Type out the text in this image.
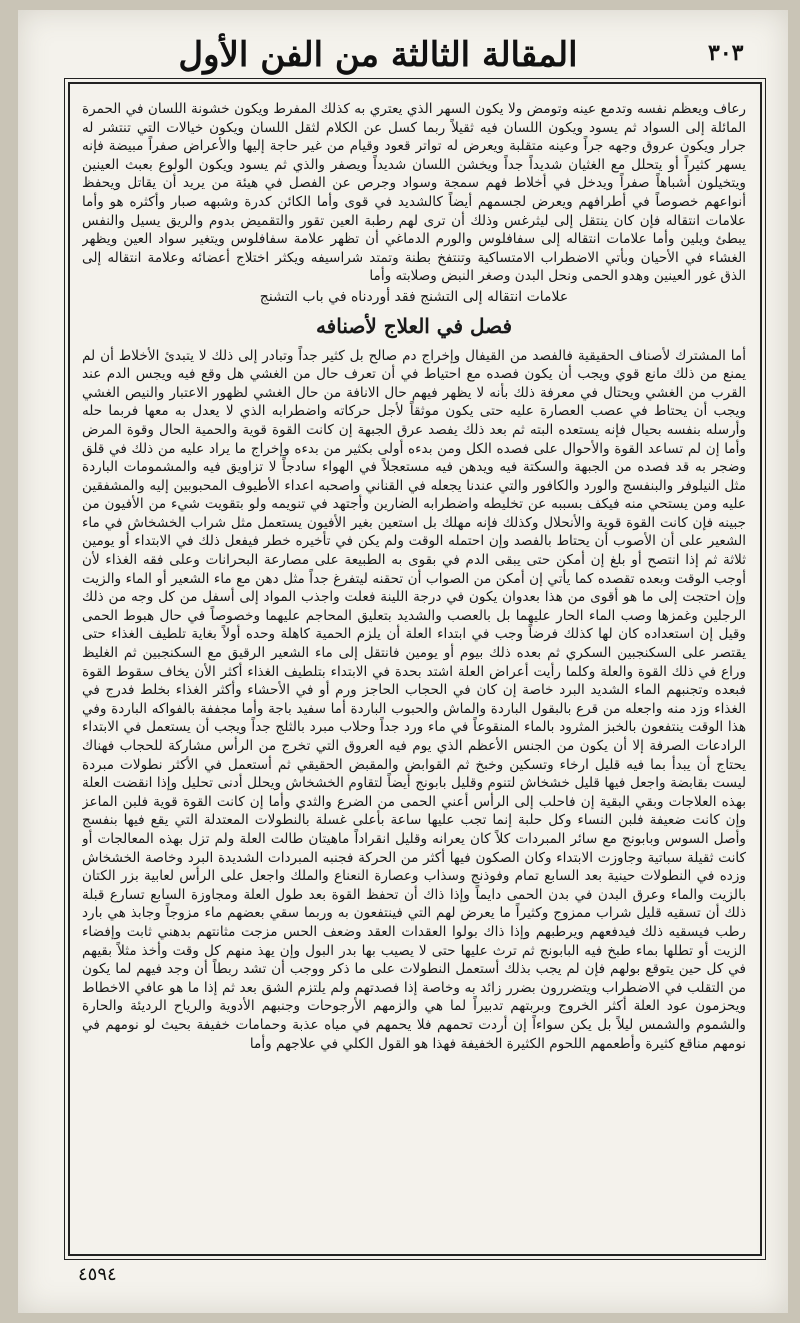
٣٠٣
المقالة الثالثة من الفن الأول

رعاف ويعظم نفسه وتدمع عينه وتومض ولا يكون السهر الذي يعتري به كذلك المفرط ويكون خشونة اللسان في الحمرة المائلة إلى السواد ثم يسود ويكون اللسان فيه ثقيلاً ربما كسل عن الكلام لثقل اللسان ويكون خيالات التي تنتشر له جرار ويكون عروق وجهه جراً وعينه متقلبة ويعرض له تواتر قعود وقيام من غير حاجة إليها والأعراض صفراً مبيضة فإنه يسهر كثيراً أو يتحلل مع الغثيان شديداً جداً ويخشن اللسان شديداً ويصفر والذي ثم يسود ويكون الولوع بعبث العينين ويتخيلون أشباهاً صفراً ويدخل في أخلاط فهم سمجة وسواد وجرص عن الفصل في هيئة من يريد أن يقاتل ويحفظ أنواعهم خصوصاً في أطرافهم ويعرض لجسمهم أيضاً كالشديد في قوى وأما الكائن كدرة وشبهه صبار وأكثره هو وأما علامات انتقاله فإن كان ينتقل إلى ليثرغس وذلك أن ترى لهم رطبة العين تقور والتقميض بدوم والريق يسيل والنفس يبطئ ويلين وأما علامات انتقاله إلى سفافلوس والورم الدماغي أن تظهر علامة سفافلوس ويتغير سواد العين ويظهر الغشاء في الأحيان وبأتي الاضطراب الامتساكية وتنتفخ بطنة وتمتد شراسيفه ويكثر اختلاج أعضائه وعلامة انتقاله إلى الذق غور العينين وهدو الحمى ونحل البدن وصغر النبض وصلابته وأما

علامات انتقاله إلى التشنج فقد أوردناه في باب التشنج

فصل في العلاج لأصنافه

أما المشترك لأصناف الحقيقية فالفصد من القيفال وإخراج دم صالح بل كثير جداً وتبادر إلى ذلك لا يتبدئ الأخلاط أن لم يمنع من ذلك مانع قوي ويجب أن يكون فصده مع احتياط في أن تعرف حال من الغشي هل وقع فيه ويجس الدم عند القرب من الغشي ويحتال في معرفة ذلك بأنه لا يظهر فيهم حال الانافة من حال الغشي لظهور الاعتبار والنيص الغشي ويجب أن يحتاط في عصب العصارة عليه حتى يكون موثقاً لأجل حركاته واضطرابه الذي لا يعدل به معها فربما حله وأرسله بنفسه بحيال فإنه يستعده البته ثم بعد ذلك يفصد عرق الجبهة إن كانت القوة قوية والحمية الحال وقوة المرض وأما إن لم تساعد القوة والأحوال على فصده الكل ومن بدءه أولى بكثير من بدءه وإخراج ما يراد عليه من ذلك في قلق وضجر به قد فصده من الجبهة والسكتة فيه ويدهن فيه مستعجلاً في الهواء سادجاً لا تزاويق فيه والمشمومات الباردة مثل النيلوفر والبنفسج والورد والكافور والتي عندنا يجعله في القناني واصحبه اعداء الأطيوف المحبوبين إليه والمشفقين عليه ومن يستحي منه فيكف بسببه عن تخليطه واضطرابه الضارين وأجتهد في تنويمه ولو بتقويت شيء من الأفيون من جبينه فإن كانت القوة قوية والأنحلال وكذلك فإنه مهلك بل استعين بغير الأفيون يستعمل مثل شراب الخشخاش في ماء الشعير على أن الأصوب أن يحتاط بالفصد وإن احتمله الوقت ولم يكن في تأخيره خطر فيفعل ذلك في الابتداء أو يومين ثلاثة ثم إذا انتصح أو بلغ إن أمكن حتى يبقى الدم في بقوى به الطبيعة على مصارعة البحرانات وعلى فقه الغذاء لأن أوجب الوقت وبعده تقصده كما يأتي إن أمكن من الصواب أن تحقنه ليتفرغ جداً مثل دهن مع ماء الشعير أو الماء والزيت وإن احتجت إلى ما هو أقوى من هذا بعدوان يكون في درجة اللينة فعلت واجذب المواد إلى أسفل من كل وجه من ذلك الرجلين وغمزها وصب الماء الحار عليهما بل بالعصب والشديد بتعليق المحاجم عليهما وخصوصاً في حال هبوط الحمى وقيل إن استعداده كان لها كذلك فرضاً وجب في ابتداء العلة أن يلزم الحمية كاهلة وحده أولاً بغاية تلطيف الغذاء حتى يقتصر على السكنجبين السكري ثم بعده ذلك بيوم أو يومين فانتقل إلى ماء الشعير الرقيق مع السكنجبين ثم الغليظ وراع في ذلك القوة والعلة وكلما رأيت أعراض العلة اشتد بحدة في الابتداء بتلطيف الغذاء أكثر الأن يخاف سقوط القوة فبعده وتجنبهم الماء الشديد البرد خاصة إن كان في الحجاب الحاجز ورم أو في الأحشاء وأكثر الغذاء بخلط فدرج في الغذاء وزد منه واجعله من قرع بالبقول الباردة والماش والحبوب الباردة أما سفيد باجة وأما مجففة بالفواكه الباردة وفي هذا الوقت ينتفعون بالخبز المثرود بالماء المنقوعاً في ماء ورد جداً وحلاب مبرد بالثلج جداً ويجب أن يستعمل في الابتداء الرادعات الصرفة إلا أن يكون من الجنس الأعظم الذي يوم فيه العروق التي تخرج من الرأس مشاركة للحجاب فهناك يحتاج أن يبدأ بما فيه قليل ارخاء وتسكين وخبخ ثم القوابض والمقبض الحقيقي ثم أستعمل في الأكثر نطولات مبردة ليست بقابضة واجعل فيها قليل خشخاش لتنوم وقليل بابونج أيضاً لتقاوم الخشخاش ويحلل أدنى تحليل وإذا انقضت العلة بهذه العلاجات وبقي البقية إن فاحلب إلى الرأس أعني الحمى من الضرع والثدي وأما إن كانت القوة قوية فلبن الماعز وإن كانت ضعيفة فلبن النساء وكل حلبة إنما تجب عليها ساعة بأعلى غسلة بالنطولات المعتدلة التي يقع فيها بنفسج وأصل السوس وبابونج مع سائر المبردات كلاً كان يعرانه وقليل انقراداً ماهيتان طالت العلة ولم تزل بهذه المعالجات أو كانت ثقيلة سباتية وجاوزت الابتداء وكان الصكون فيها أكثر من الحركة فجنبه المبردات الشديدة البرد وخاصة الخشخاش وزده في النطولات حينية بعد السابع تمام وفوذنج وسذاب وعصارة النعناع والملك واجعل على الرأس لعابية بزر الكتان بالزيت والماء وعرق البدن في بدن الحمى دايماً وإذا ذاك أن تحفظ القوة بعد طول العلة ومجاوزة السابع تسارع قبلة ذلك أن تسقيه قليل شراب ممزوج وكثيراً ما يعرض لهم التي فينتفعون به وربما سقي بعضهم ماء مزوجاً وجابذ هي بارد رطب فيسقيه ذلك فيدفعهم ويرطبهم وإذا ذاك بولوا العقدات العقد وضعف الحس مزجت مثانتهم بدهني ثابت وإفضاء الزيت أو تطلها بماء طبخ فيه البابونج ثم ترث عليها حتى لا يصيب بها بدر البول وإن يهذ منهم كل وقت وأخذ مثلاً بقيهم في كل حين يتوقع بولهم فإن لم يجب بذلك أستعمل النطولات على ما ذكر ووجب أن تشد ربطاً أن وجد فيهم لما يكون من التقلب في الاضطراب ويتضررون بضرر زائد به وخاصة إذا فصدتهم ولم يلتزم الشق بعد ثم إذا ما هو عافي الاخطاط ويحزمون عود العلة أكثر الخروج وبربتهم تدبيراً لما هي والزمهم الأرجوحات وجنبهم الأدوية والرياح الرديئة والحارة والشموم والشمس ليلاً بل يكن سواءاً إن أردت تحمهم فلا يحمهم في مياه عذبة وحمامات خفيفة بحيث لو نومهم في نومهم مناقع كثيرة وأطعمهم اللحوم الكثيرة الخفيفة فهذا هو القول الكلي في علاجهم وأما

٤٥٩٤
